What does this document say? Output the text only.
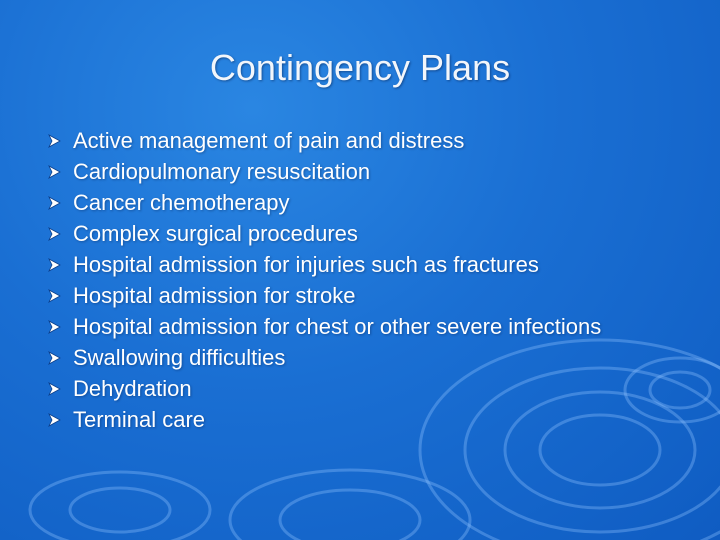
Contingency Plans
Active management of pain and distress
Cardiopulmonary resuscitation
Cancer chemotherapy
Complex surgical procedures
Hospital admission for injuries such as fractures
Hospital admission for stroke
Hospital admission for chest or other severe infections
Swallowing difficulties
Dehydration
Terminal care
